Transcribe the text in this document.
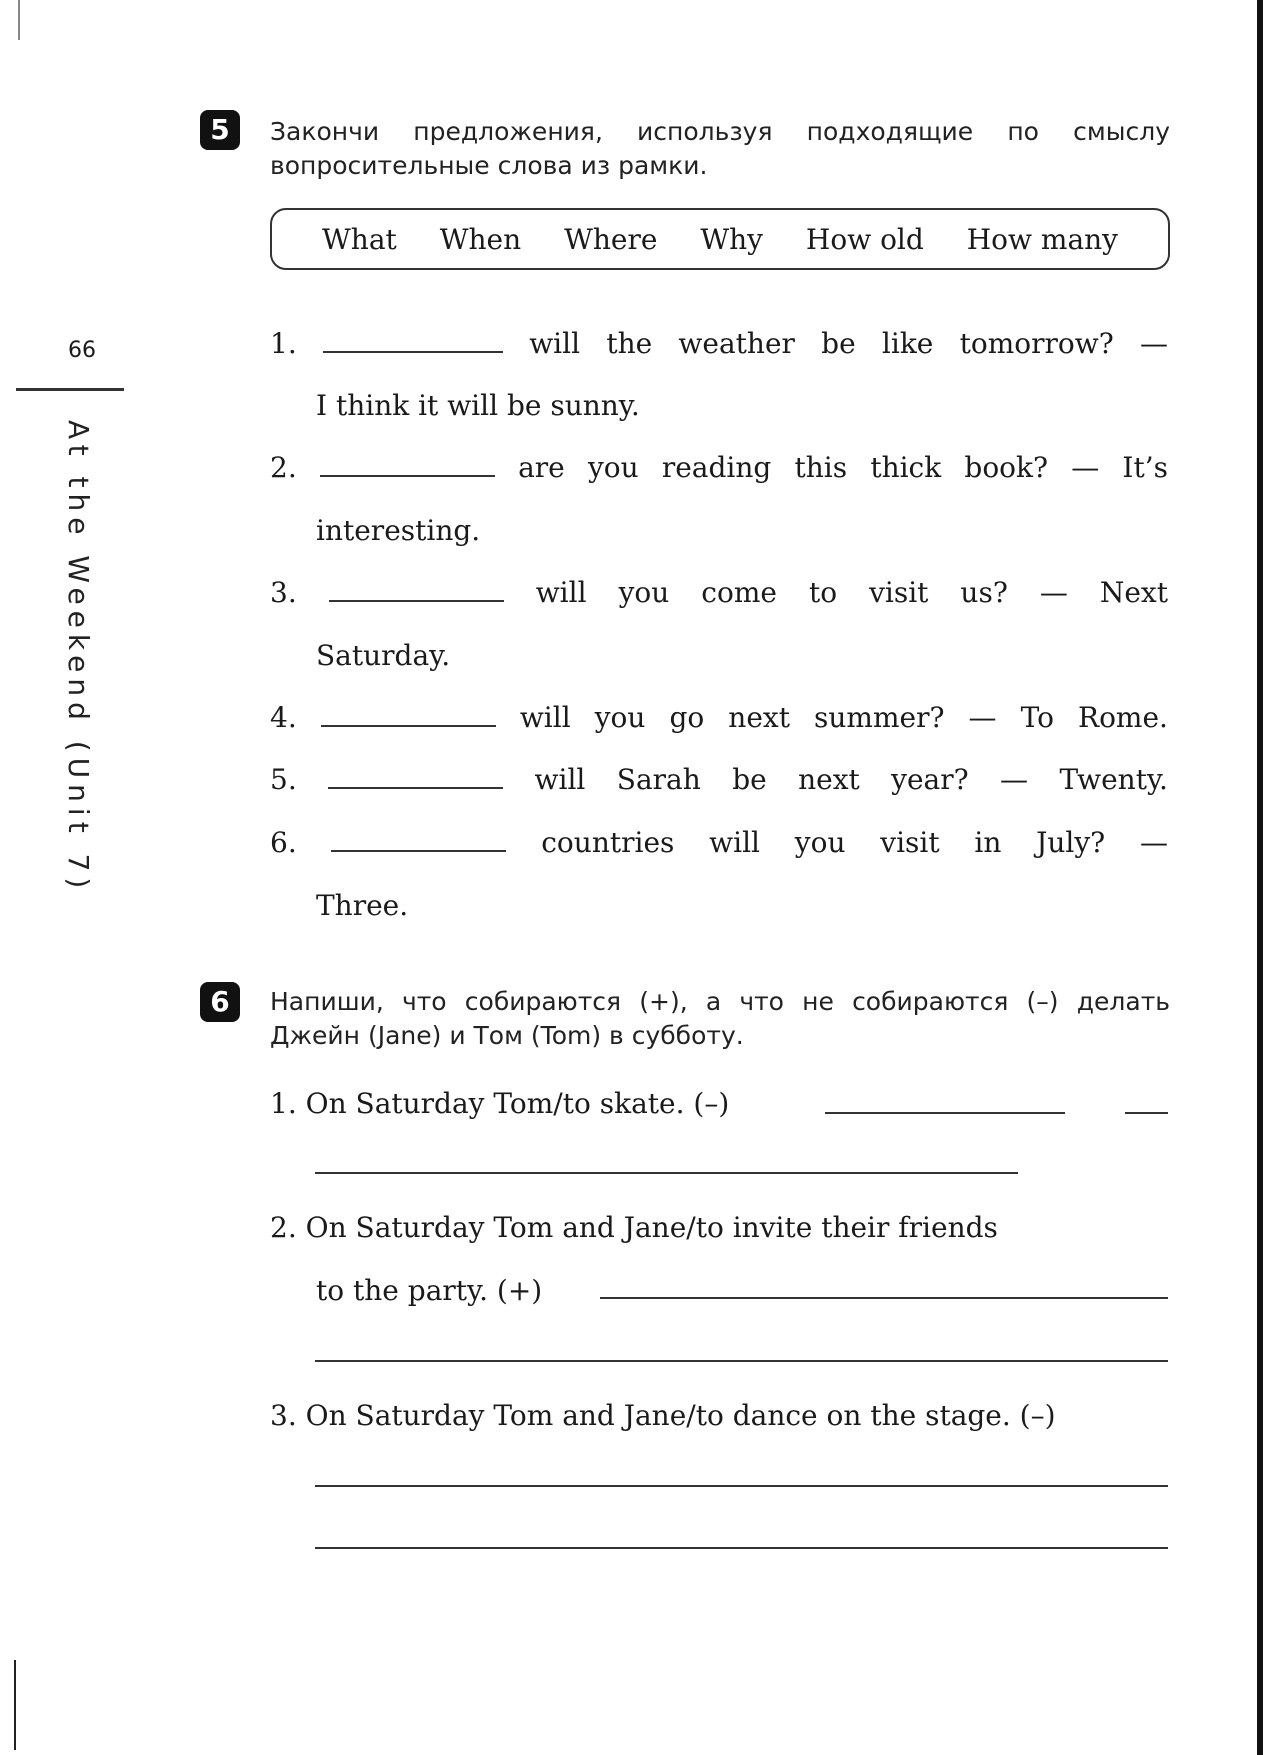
66
At the Weekend (Unit 7)
5	Закончи предложения, используя подходящие по смыслу вопросительные слова из рамки.
What When Where Why How old How many
1.	will the weather be like tomorrow? —
I think it will be sunny.
2.	are you reading this thick book? — It’s
interesting.
3.	will you come to visit us? — Next
Saturday.
4.	will you go next summer? — To Rome.
5.	will Sarah be next year? — Twenty.
6.	countries will you visit in July? —
Three.
6	Напиши, что собираются (+), а что не собираются (–) делать Джейн (Jane) и Том (Tom) в субботу.
1. On Saturday Tom/to skate. (–)
2. On Saturday Tom and Jane/to invite their friends
to the party. (+)
3. On Saturday Tom and Jane/to dance on the stage. (–)
